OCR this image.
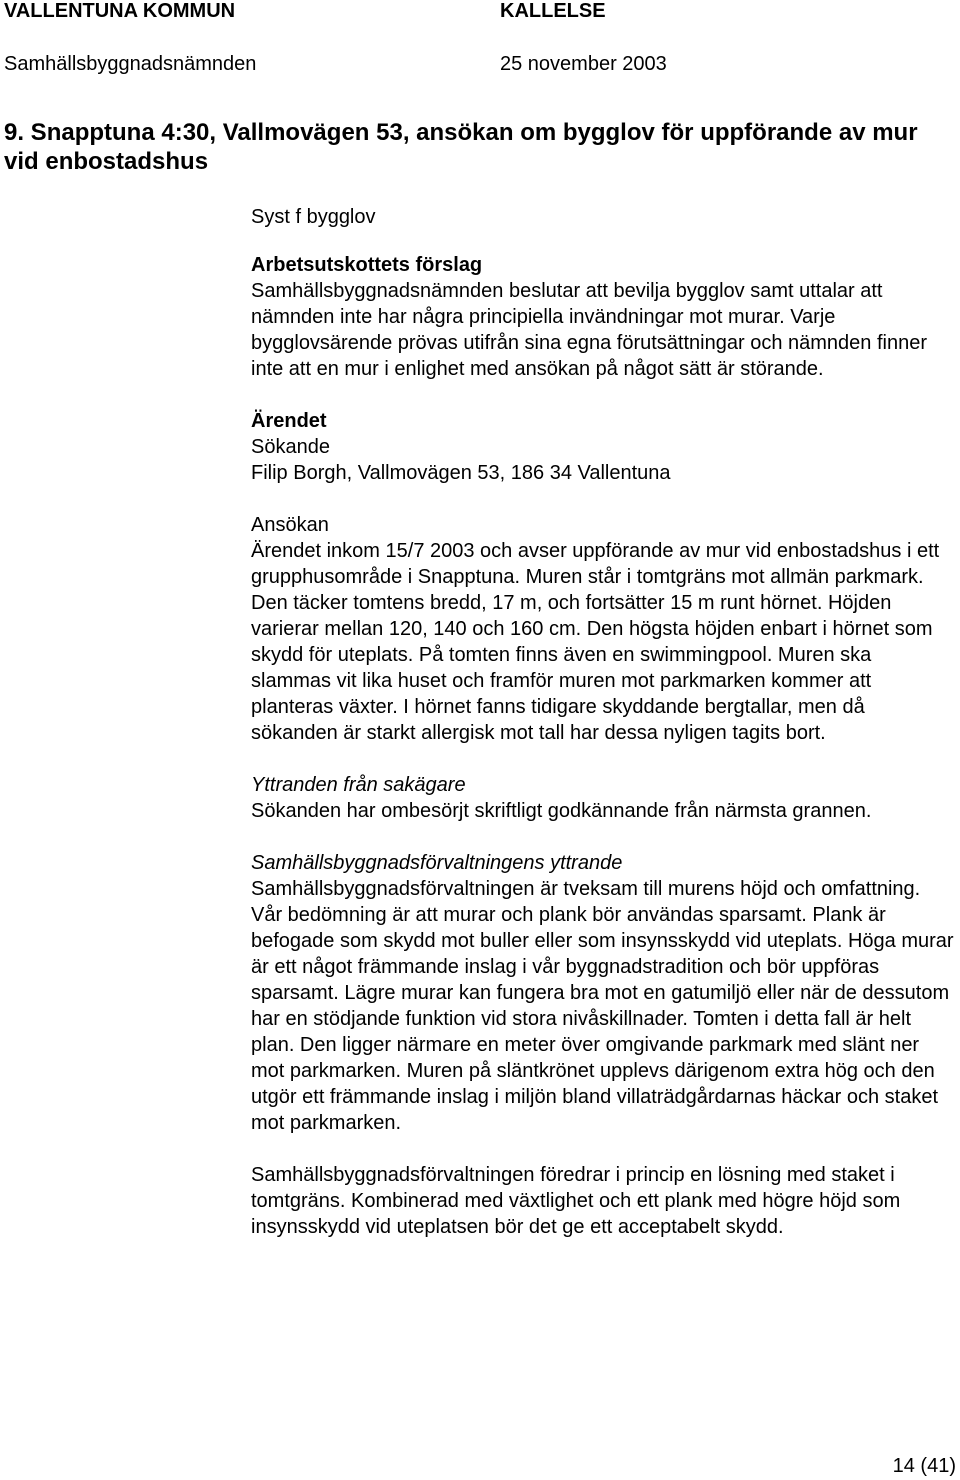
VALLENTUNA KOMMUN	KALLELSE
Samhällsbyggnadsnämnden	25 november 2003
9. Snapptuna 4:30, Vallmovägen 53, ansökan om bygglov för uppförande av mur vid enbostadshus

Syst f bygglov

Arbetsutskottets förslag

Samhällsbyggnadsnämnden beslutar att bevilja bygglov samt uttalar att nämnden inte har några principiella invändningar mot murar. Varje bygglovsärende prövas utifrån sina egna förutsättningar och nämnden finner inte att en mur i enlighet med ansökan på något sätt är störande.

Ärendet

Sökande

Filip Borgh, Vallmovägen 53, 186 34 Vallentuna

Ansökan

Ärendet inkom 15/7 2003 och avser uppförande av mur vid enbostadshus i ett grupphusområde i Snapptuna. Muren står i tomtgräns mot allmän parkmark. Den täcker tomtens bredd, 17 m, och fortsätter 15 m runt hörnet. Höjden varierar mellan 120, 140 och 160 cm. Den högsta höjden enbart i hörnet som skydd för uteplats. På tomten finns även en swimmingpool. Muren ska slammas vit lika huset och framför muren mot parkmarken kommer att planteras växter. I hörnet fanns tidigare skyddande bergtallar, men då sökanden är starkt allergisk mot tall har dessa nyligen tagits bort.

Yttranden från sakägare

Sökanden har ombesörjt skriftligt godkännande från närmsta grannen.

Samhällsbyggnadsförvaltningens yttrande

Samhällsbyggnadsförvaltningen är tveksam till murens höjd och omfattning. Vår bedömning är att murar och plank bör användas sparsamt. Plank är befogade som skydd mot buller eller som insynsskydd vid uteplats. Höga murar är ett något främmande inslag i vår byggnadstradition och bör uppföras sparsamt. Lägre murar kan fungera bra mot en gatumiljö eller när de dessutom har en stödjande funktion vid stora nivåskillnader. Tomten i detta fall är helt plan. Den ligger närmare en meter över omgivande parkmark med slänt ner mot parkmarken. Muren på släntkrönet upplevs därigenom extra hög och den utgör ett främmande inslag i miljön bland villaträdgårdarnas häckar och staket mot parkmarken.

Samhällsbyggnadsförvaltningen föredrar i princip en lösning med staket i tomtgräns. Kombinerad med växtlighet och ett plank med högre höjd som insynsskydd vid uteplatsen bör det ge ett acceptabelt skydd.

14 (41)
